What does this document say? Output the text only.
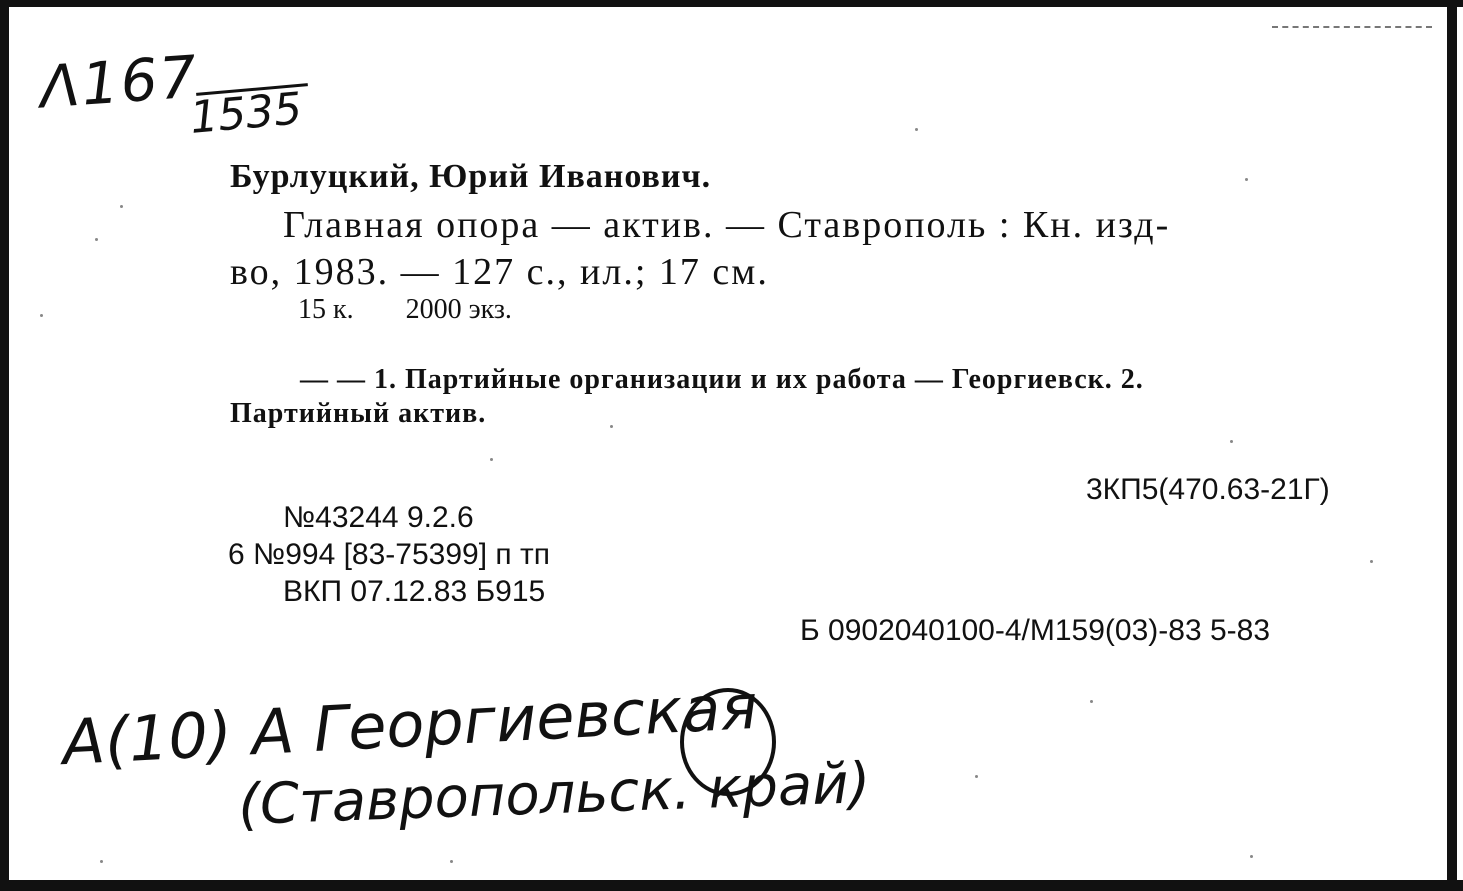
Λ167
1535
Бурлуцкий, Юрий Иванович.
Главная опора — актив. — Ставрополь : Кн. изд-
во, 1983. — 127 с., ил.; 17 см.
15 к. 2000 экз.
— — 1. Партийные организации и их работа — Георгиевск. 2.
Партийный актив.
3КП5(470.63-21Г)
№43244 9.2.6
6 №994 [83-75399] п тп
ВКП 07.12.83 Б915
Б 0902040100-4/М159(03)-83 5-83
A(10) A Георгиевская
(Ставропольск. край)
